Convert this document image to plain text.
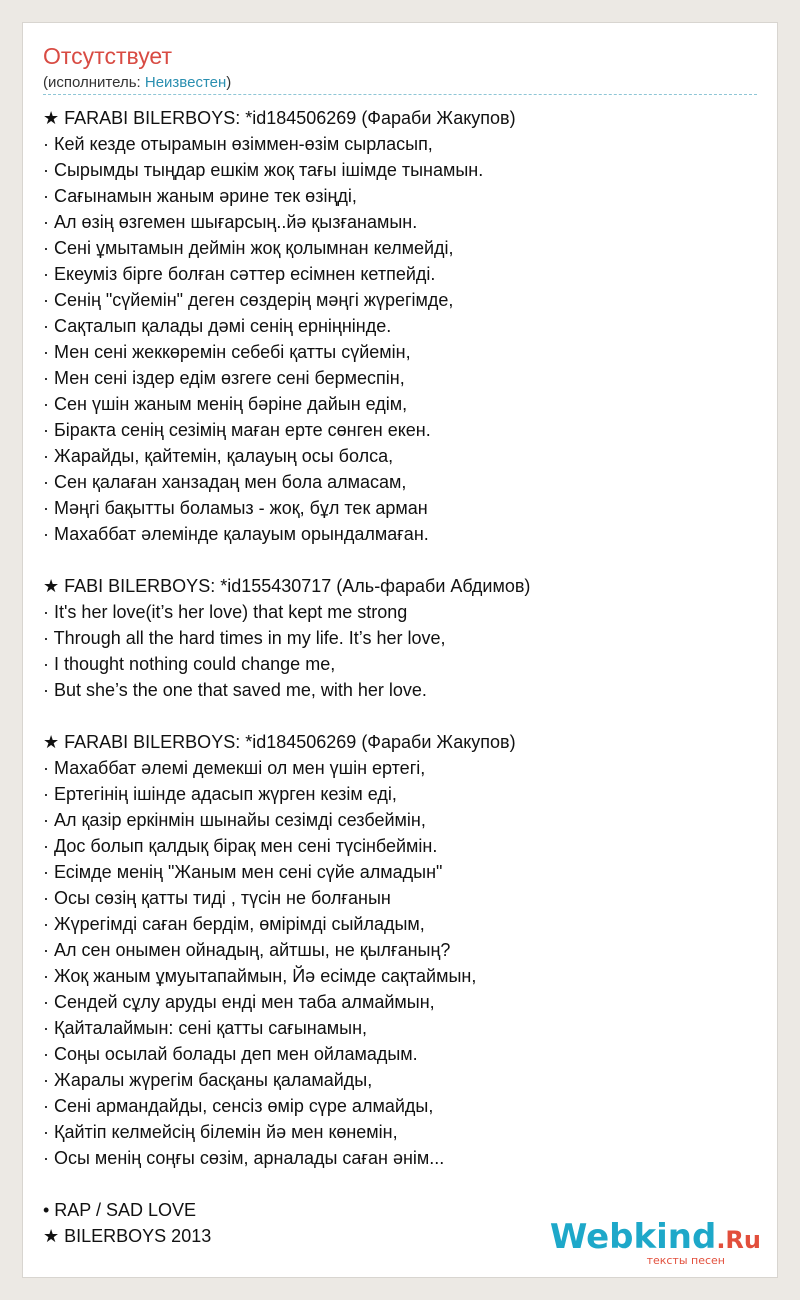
Отсутствует
(исполнитель: Неизвестен)
★ FARABI BILERBOYS: *id184506269 (Фараби Жакупов)
· Кей кезде отырамын өзіммен-өзім сырласып,
· Сырымды тыңдар ешкім жоқ тағы ішімде тынамын.
· Сағынамын жаным әрине тек өзіңді,
· Ал өзің өзгемен шығарсың..йә қызғанамын.
· Сені ұмытамын деймін жоқ қолымнан келмейді,
· Екеуміз бірге болған сәттер есімнен кетпейді.
· Сенің "сүйемін" деген сөздерің мәңгі жүрегімде,
· Сақталып қалады дәмі сенің ерніңнінде.
· Мен сені жеккөремін себебі қатты сүйемін,
· Мен сені іздер едім өзгеге сені бермеспін,
· Сен үшін жаным менің бәріне дайын едім,
· Біракта сенің сезімің маған ерте сөнген екен.
· Жарайды, қайтемін, қалауың осы болса,
· Сен қалаған ханзадаң мен бола алмасам,
· Мәңгі бақытты боламыз - жоқ, бұл тек арман
· Махаббат әлемінде қалауым орындалмаған.
★ FABI BILERBOYS: *id155430717 (Аль-фараби Абдимов)
· It's her love(it’s her love) that kept me strong
· Through all the hard times in my life. It’s her love,
· I thought nothing could change me,
· But she’s the one that saved me, with her love.
★ FARABI BILERBOYS: *id184506269 (Фараби Жакупов)
· Махаббат әлемі демекші ол мен үшін ертегі,
· Ертегінің ішінде адасып жүрген кезім еді,
· Ал қазір еркінмін шынайы сезімді сезбеймін,
· Дос болып қалдық бірақ мен сені түсінбеймін.
· Есімде менің "Жаным мен сені сүйе алмадын"
· Осы сөзің қатты тиді , түсін не болғанын
· Жүрегімді саған бердім, өмірімді сыйладым,
· Ал сен онымен ойнадың, айтшы, не қылғаның?
· Жоқ жаным ұмуытапаймын, Йә есімде сақтаймын,
· Сендей сұлу аруды енді мен таба алмаймын,
· Қайталаймын: сені қатты сағынамын,
· Соңы осылай болады деп мен ойламадым.
· Жаралы жүрегім басқаны қаламайды,
· Сені армандайды, сенсіз өмір сүре алмайды,
· Қайтіп келмейсің білемін йә мен көнемін,
· Осы менің соңғы сөзім, арналады саған әнім...
• RAP / SAD LOVE
★ BILERBOYS 2013	Webkind.Ru
тексты песен
